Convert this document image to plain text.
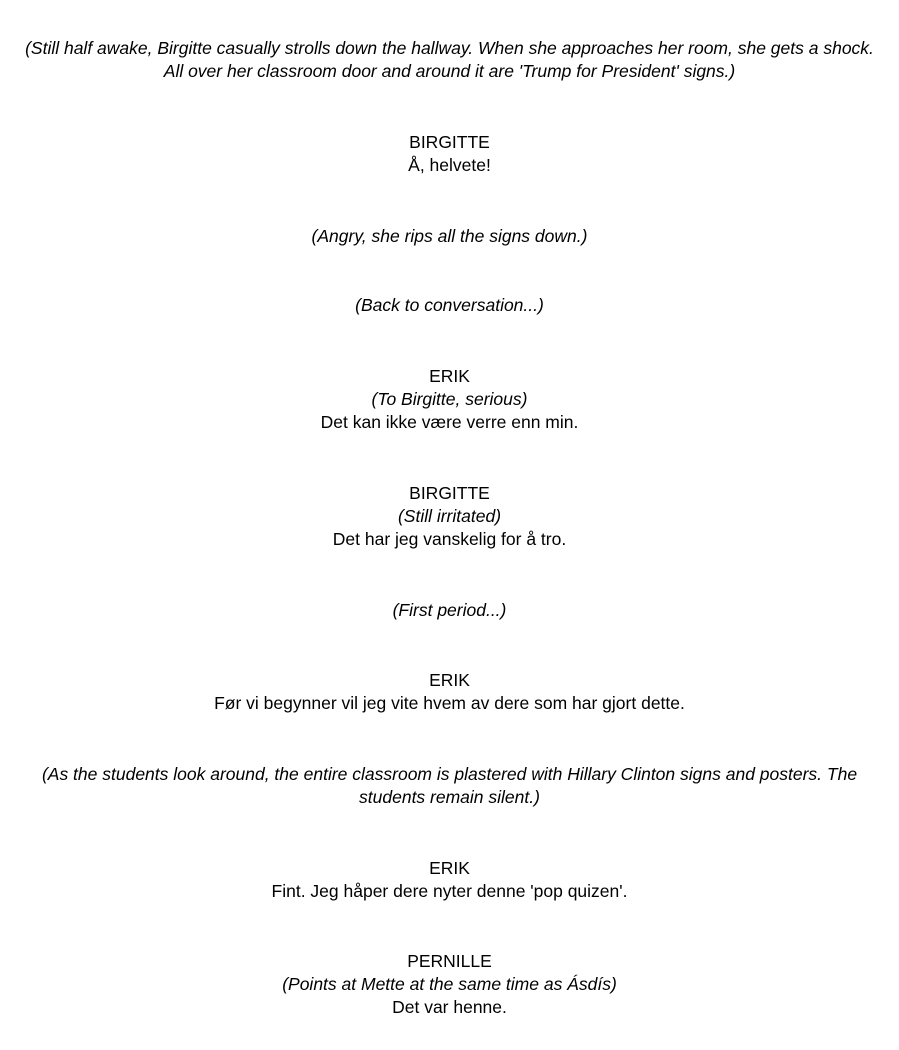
(Still half awake, Birgitte casually strolls down the hallway. When she approaches her room, she gets a shock. All over her classroom door and around it are 'Trump for President' signs.)
BIRGITTE
Å, helvete!
(Angry, she rips all the signs down.)
(Back to conversation...)
ERIK
(To Birgitte, serious)
Det kan ikke være verre enn min.
BIRGITTE
(Still irritated)
Det har jeg vanskelig for å tro.
(First period...)
ERIK
Før vi begynner vil jeg vite hvem av dere som har gjort dette.
(As the students look around, the entire classroom is plastered with Hillary Clinton signs and posters. The students remain silent.)
ERIK
Fint. Jeg håper dere nyter denne 'pop quizen'.
PERNILLE
(Points at Mette at the same time as Ásdís)
Det var henne.
